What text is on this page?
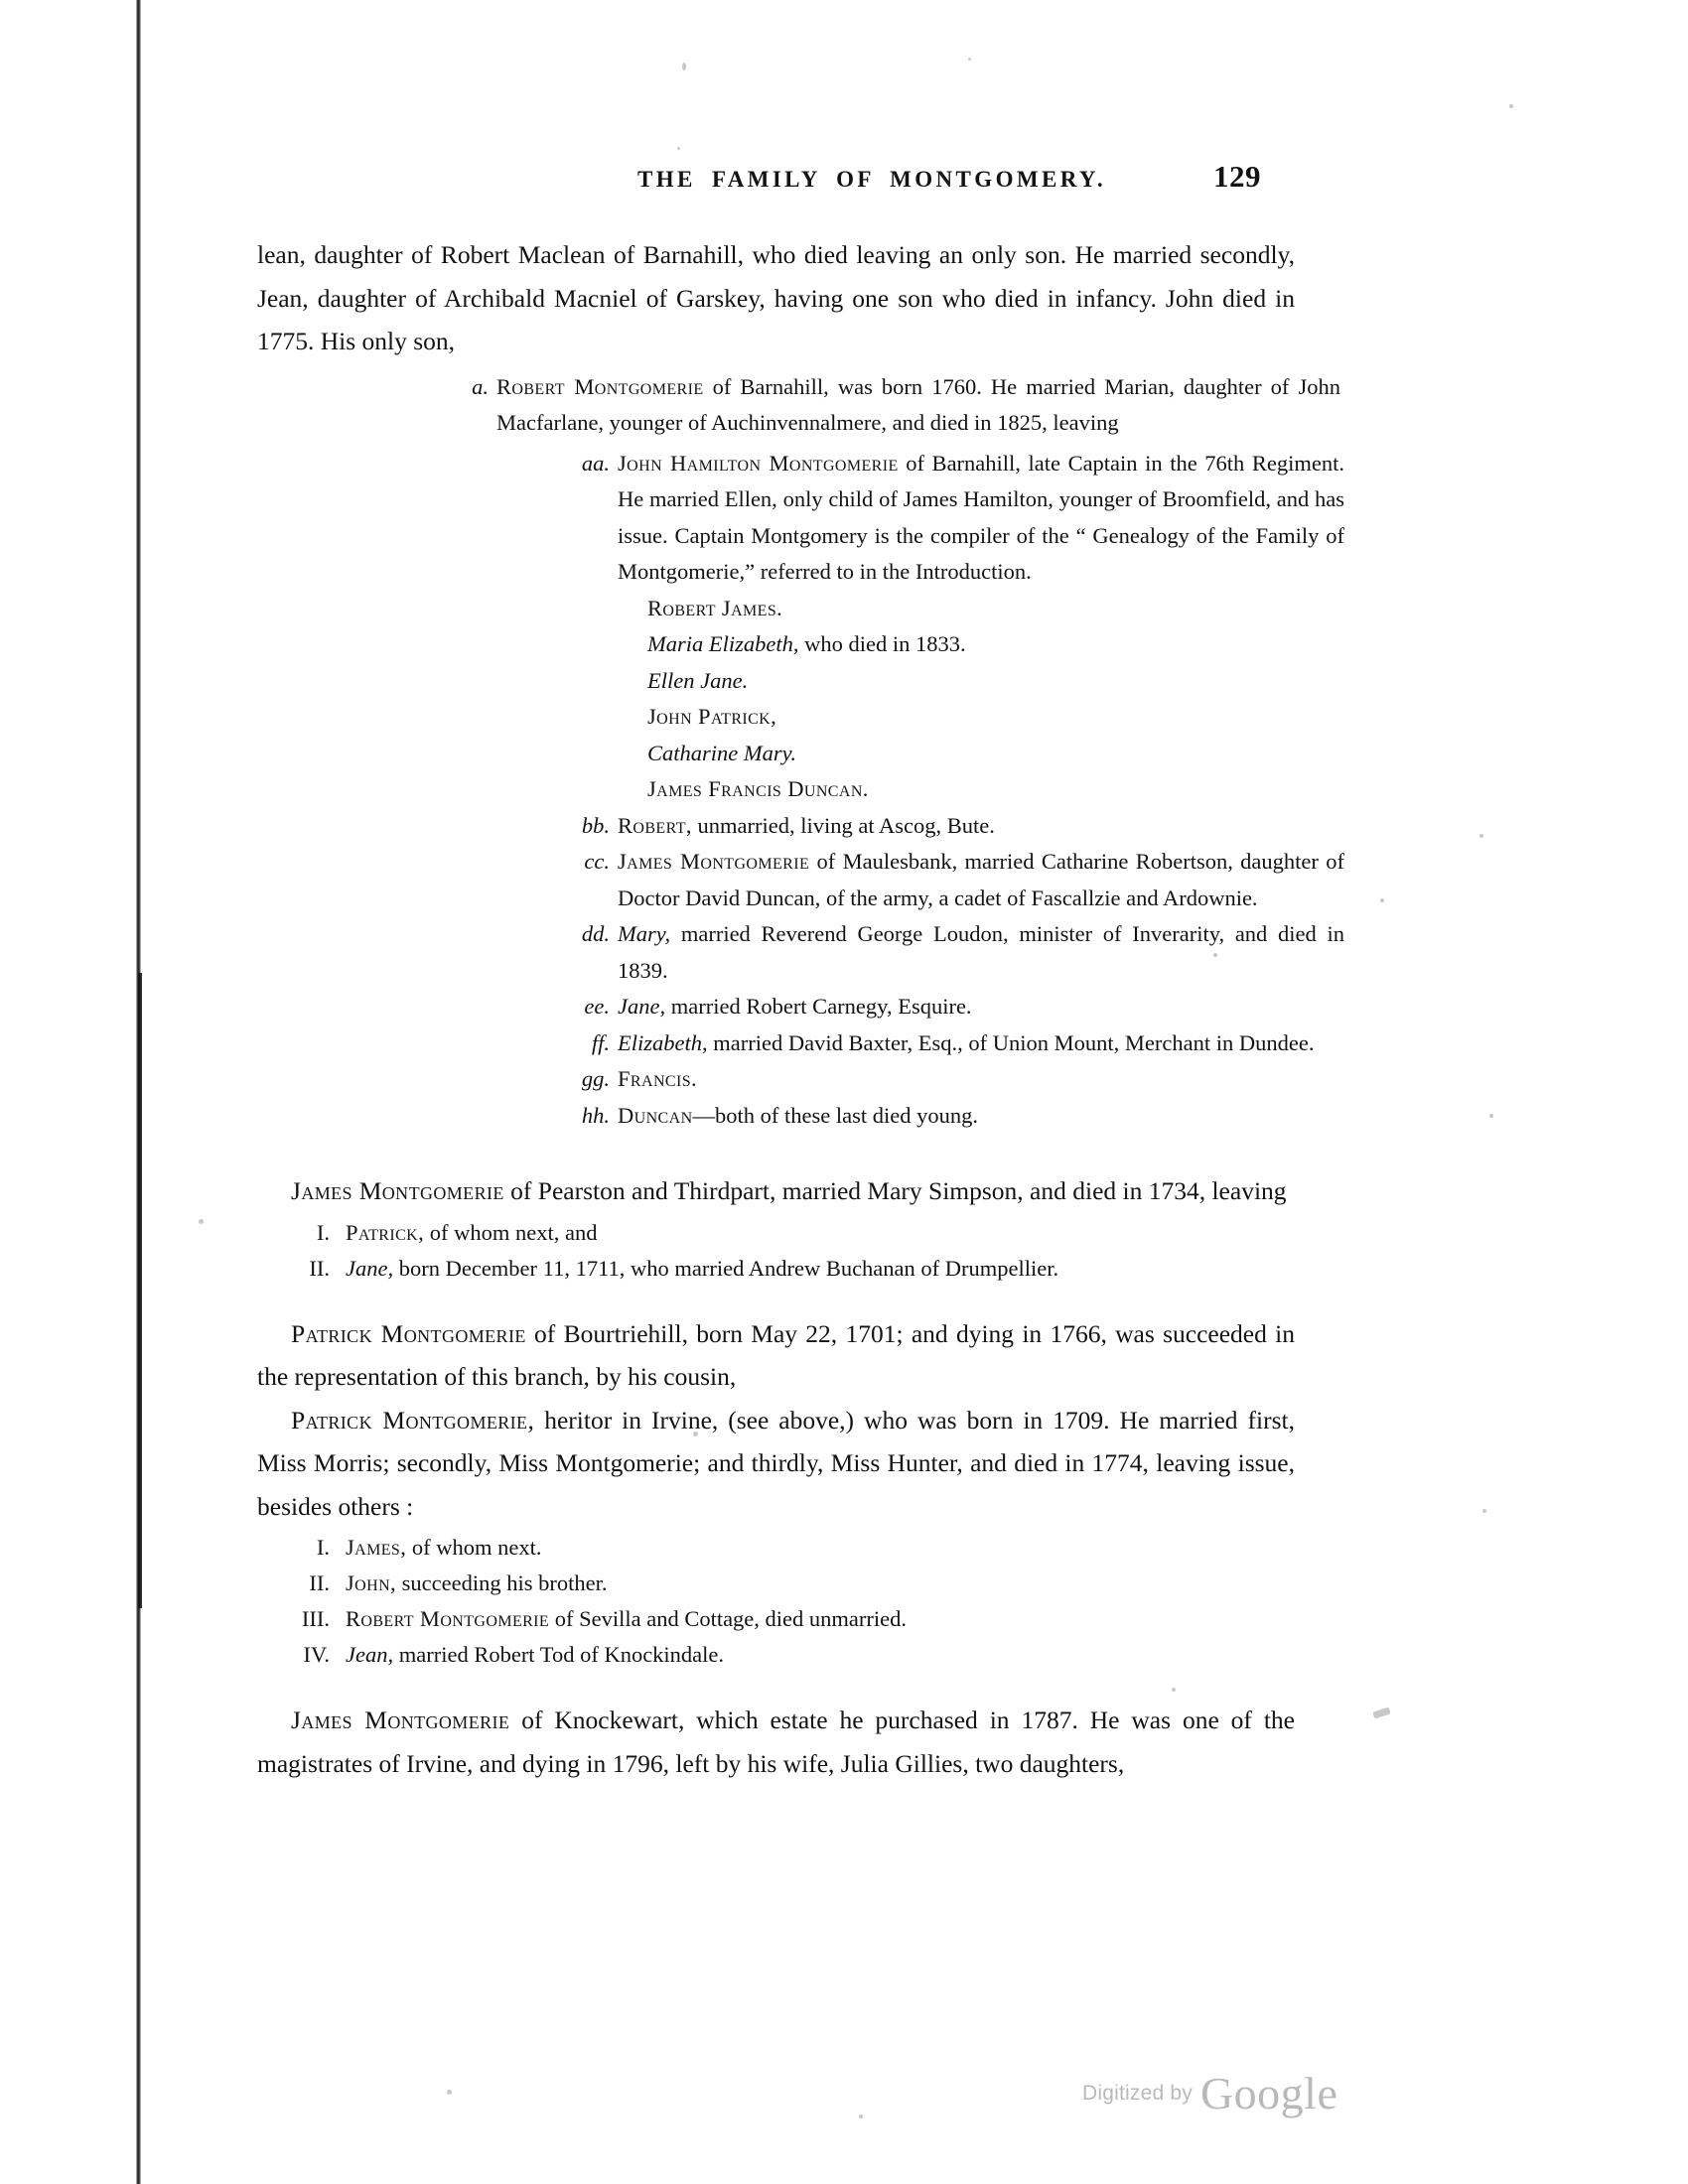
THE FAMILY OF MONTGOMERY.	129

lean, daughter of Robert Maclean of Barnahill, who died leaving an only son. He married secondly, Jean, daughter of Archibald Macniel of Garskey, having one son who died in infancy. John died in 1775. His only son,

a. Robert Montgomerie of Barnahill, was born 1760. He married Marian, daughter of John Macfarlane, younger of Auchinvennalmere, and died in 1825, leaving
aa. John Hamilton Montgomerie of Barnahill, late Captain in the 76th Regiment. He married Ellen, only child of James Hamilton, younger of Broomfield, and has issue. Captain Montgomery is the compiler of the “ Genealogy of the Family of Montgomerie,” referred to in the Introduction.
Robert James.
Maria Elizabeth, who died in 1833.
Ellen Jane.
John Patrick,
Catharine Mary.
James Francis Duncan.
bb. Robert, unmarried, living at Ascog, Bute.
cc. James Montgomerie of Maulesbank, married Catharine Robertson, daughter of Doctor David Duncan, of the army, a cadet of Fascallzie and Ardownie.
dd. Mary, married Reverend George Loudon, minister of Inverarity, and died in 1839.
ee. Jane, married Robert Carnegy, Esquire.
ff. Elizabeth, married David Baxter, Esq., of Union Mount, Merchant in Dundee.
gg. Francis.
hh. Duncan—both of these last died young.

James Montgomerie of Pearston and Thirdpart, married Mary Simpson, and died in 1734, leaving

I. Patrick, of whom next, and

II. Jane, born December 11, 1711, who married Andrew Buchanan of Drumpellier.

Patrick Montgomerie of Bourtriehill, born May 22, 1701; and dying in 1766, was succeeded in the representation of this branch, by his cousin,

Patrick Montgomerie, heritor in Irvine, (see above,) who was born in 1709. He married first, Miss Morris; secondly, Miss Montgomerie; and thirdly, Miss Hunter, and died in 1774, leaving issue, besides others :

I. James, of whom next.

II. John, succeeding his brother.

III. Robert Montgomerie of Sevilla and Cottage, died unmarried.

IV. Jean, married Robert Tod of Knockindale.

James Montgomerie of Knockewart, which estate he purchased in 1787. He was one of the magistrates of Irvine, and dying in 1796, left by his wife, Julia Gillies, two daughters,

Digitized by Google
